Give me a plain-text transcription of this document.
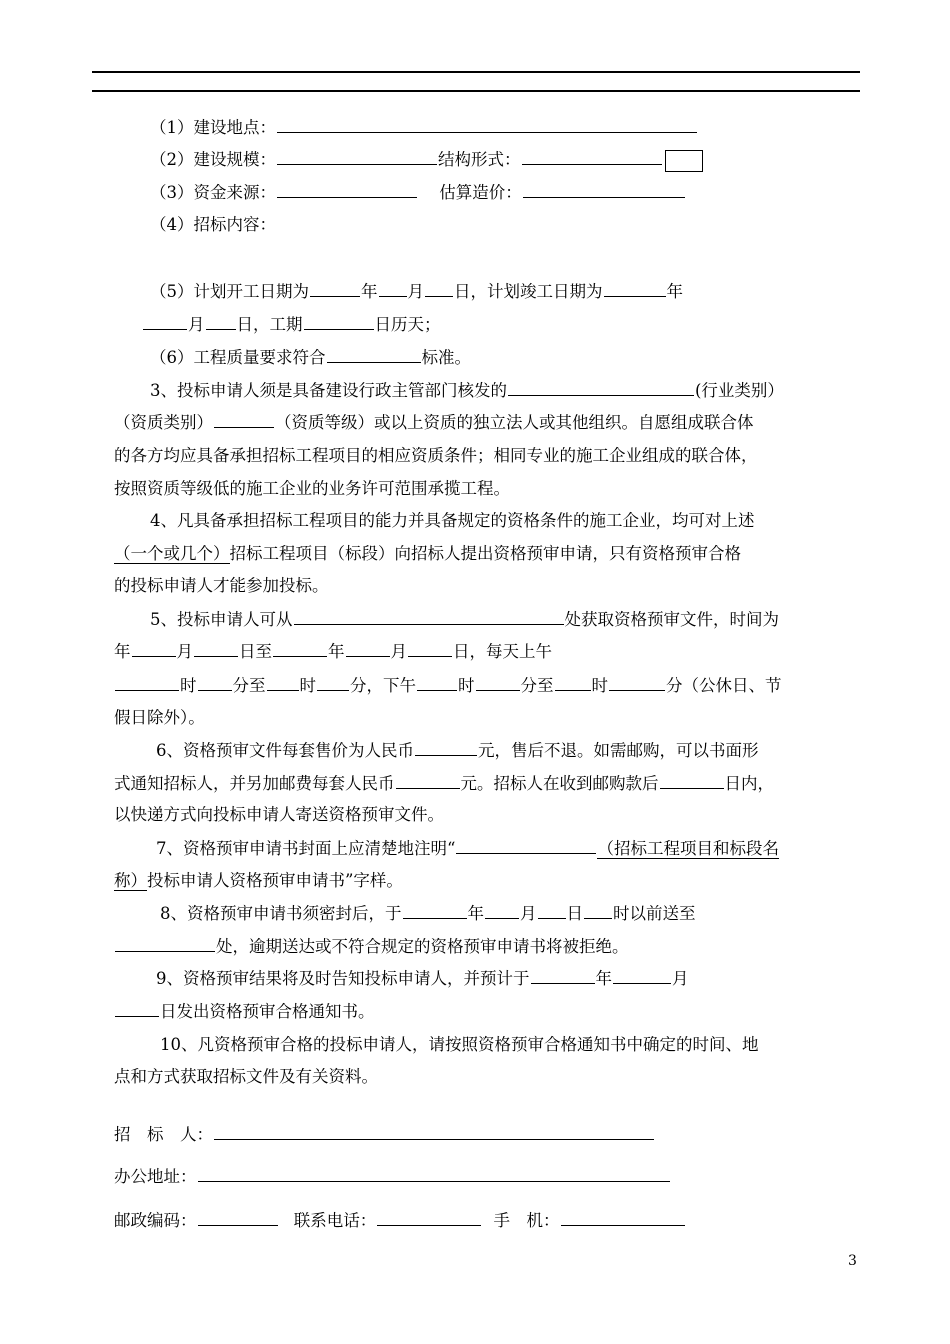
（1）建设地点：
（2）建设规模：	结构形式：
（3）资金来源：	估算造价：
（4）招标内容：
（5）计划开工日期为	年 月 日，计划竣工日期为	年
月 日，工期	日历天；
（6）工程质量要求符合	标准。
3、投标申请人须是具备建设行政主管部门核发的	(行业类别）
（资质类别）	（资质等级）或以上资质的独立法人或其他组织。自愿组成联合体
的各方均应具备承担招标工程项目的相应资质条件；相同专业的施工企业组成的联合体，
按照资质等级低的施工企业的业务许可范围承揽工程。
4、凡具备承担招标工程项目的能力并具备规定的资格条件的施工企业，均可对上述
（一个或几个）招标工程项目（标段）向招标人提出资格预审申请，只有资格预审合格
的投标申请人才能参加投标。
5、投标申请人可从	处获取资格预审文件，时间为
年	月	日至	年	月	日，每天上午
时 分至 时 分，下午	时	分至 时	分（公休日、节
假日除外）。
6、资格预审文件每套售价为人民币	元，售后不退。如需邮购，可以书面形
式通知招标人，并另加邮费每套人民币	元。招标人在收到邮购款后	日内，
以快递方式向投标申请人寄送资格预审文件。
7、资格预审申请书封面上应清楚地注明“	（招标工程项目和标段名
称）投标申请人资格预审申请书”字样。
8、资格预审申请书须密封后，于	年 月 日 时以前送至
处，逾期送达或不符合规定的资格预审申请书将被拒绝。
9、资格预审结果将及时告知投标申请人，并预计于	年	月
日发出资格预审合格通知书。
10、凡资格预审合格的投标申请人，请按照资格预审合格通知书中确定的时间、地
点和方式获取招标文件及有关资料。
招　标　人：
办公地址：
邮政编码：	联系电话：	手　机：
3
